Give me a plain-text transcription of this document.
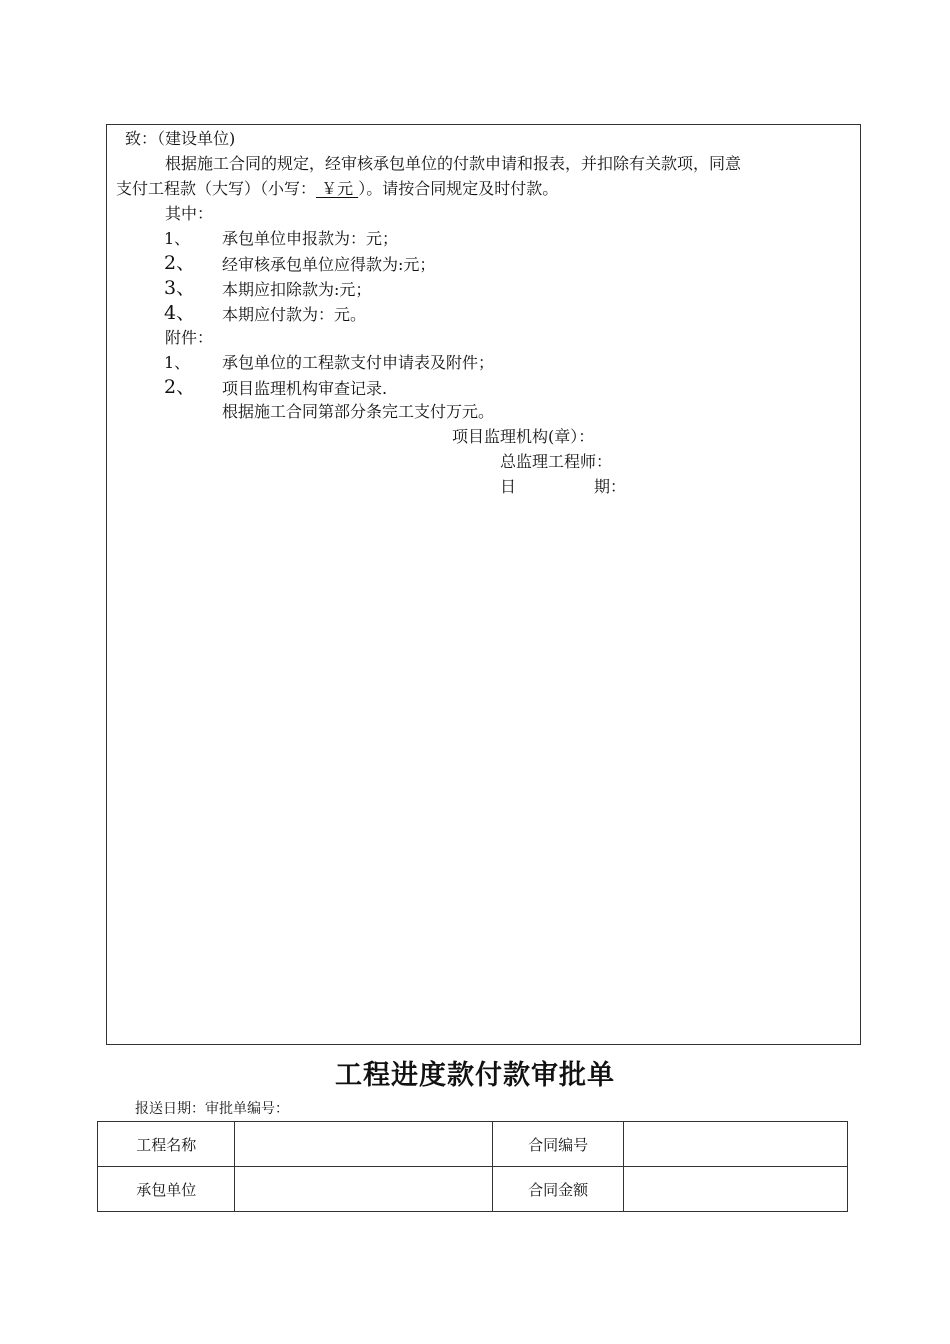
致：（建设单位)
根据施工合同的规定，经审核承包单位的付款申请和报表，并扣除有关款项，同意
支付工程款（大写）（小写： ￥元 ）。请按合同规定及时付款。
其中：
1、 承包单位申报款为：元；
2、 经审核承包单位应得款为:元；
3、 本期应扣除款为:元；
4、 本期应付款为：元。
附件：
1、 承包单位的工程款支付申请表及附件；
2、 项目监理机构审查记录.
根据施工合同第部分条完工支付万元。
项目监理机构(章）：
总监理工程师：
日	期：
工程进度款付款审批单
报送日期：审批单编号：
工程名称		合同编号	
承包单位		合同金额	
